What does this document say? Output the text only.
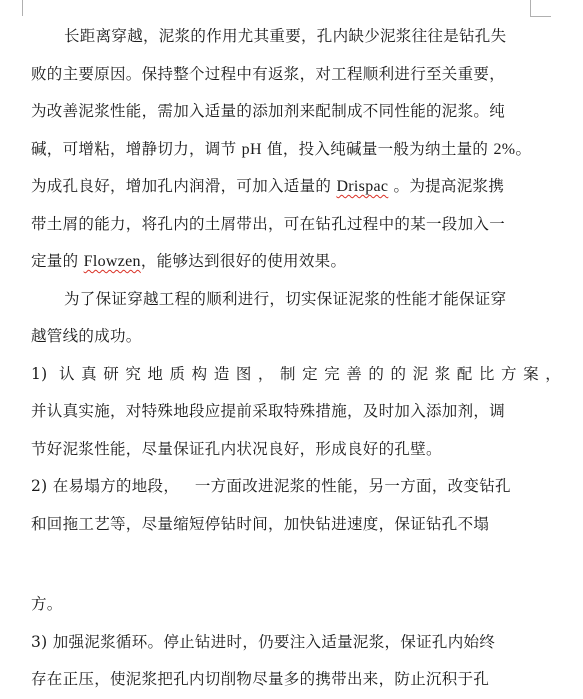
长距离穿越，泥浆的作用尤其重要，孔内缺少泥浆往往是钻孔失
败的主要原因。保持整个过程中有返浆，对工程顺利进行至关重要，
为改善泥浆性能，需加入适量的添加剂来配制成不同性能的泥浆。纯
碱，可增粘，增静切力，调节 pH 值，投入纯碱量一般为纳土量的 2%。
为成孔良好，增加孔内润滑，可加入适量的 Drispac 。为提高泥浆携
带土屑的能力，将孔内的土屑带出，可在钻孔过程中的某一段加入一
定量的 Flowzen，能够达到很好的使用效果。
为了保证穿越工程的顺利进行，切实保证泥浆的性能才能保证穿
越管线的成功。
1) 认真研究地质构造图，制定完善的的泥浆配比方案，
并认真实施，对特殊地段应提前采取特殊措施，及时加入添加剂，调
节好泥浆性能，尽量保证孔内状况良好，形成良好的孔壁。
2) 在易塌方的地段， 一方面改进泥浆的性能，另一方面，改变钻孔
和回拖工艺等，尽量缩短停钻时间，加快钻进速度，保证钻孔不塌
方。
3) 加强泥浆循环。停止钻进时，仍要注入适量泥浆，保证孔内始终
存在正压，使泥浆把孔内切削物尽量多的携带出来，防止沉积于孔
